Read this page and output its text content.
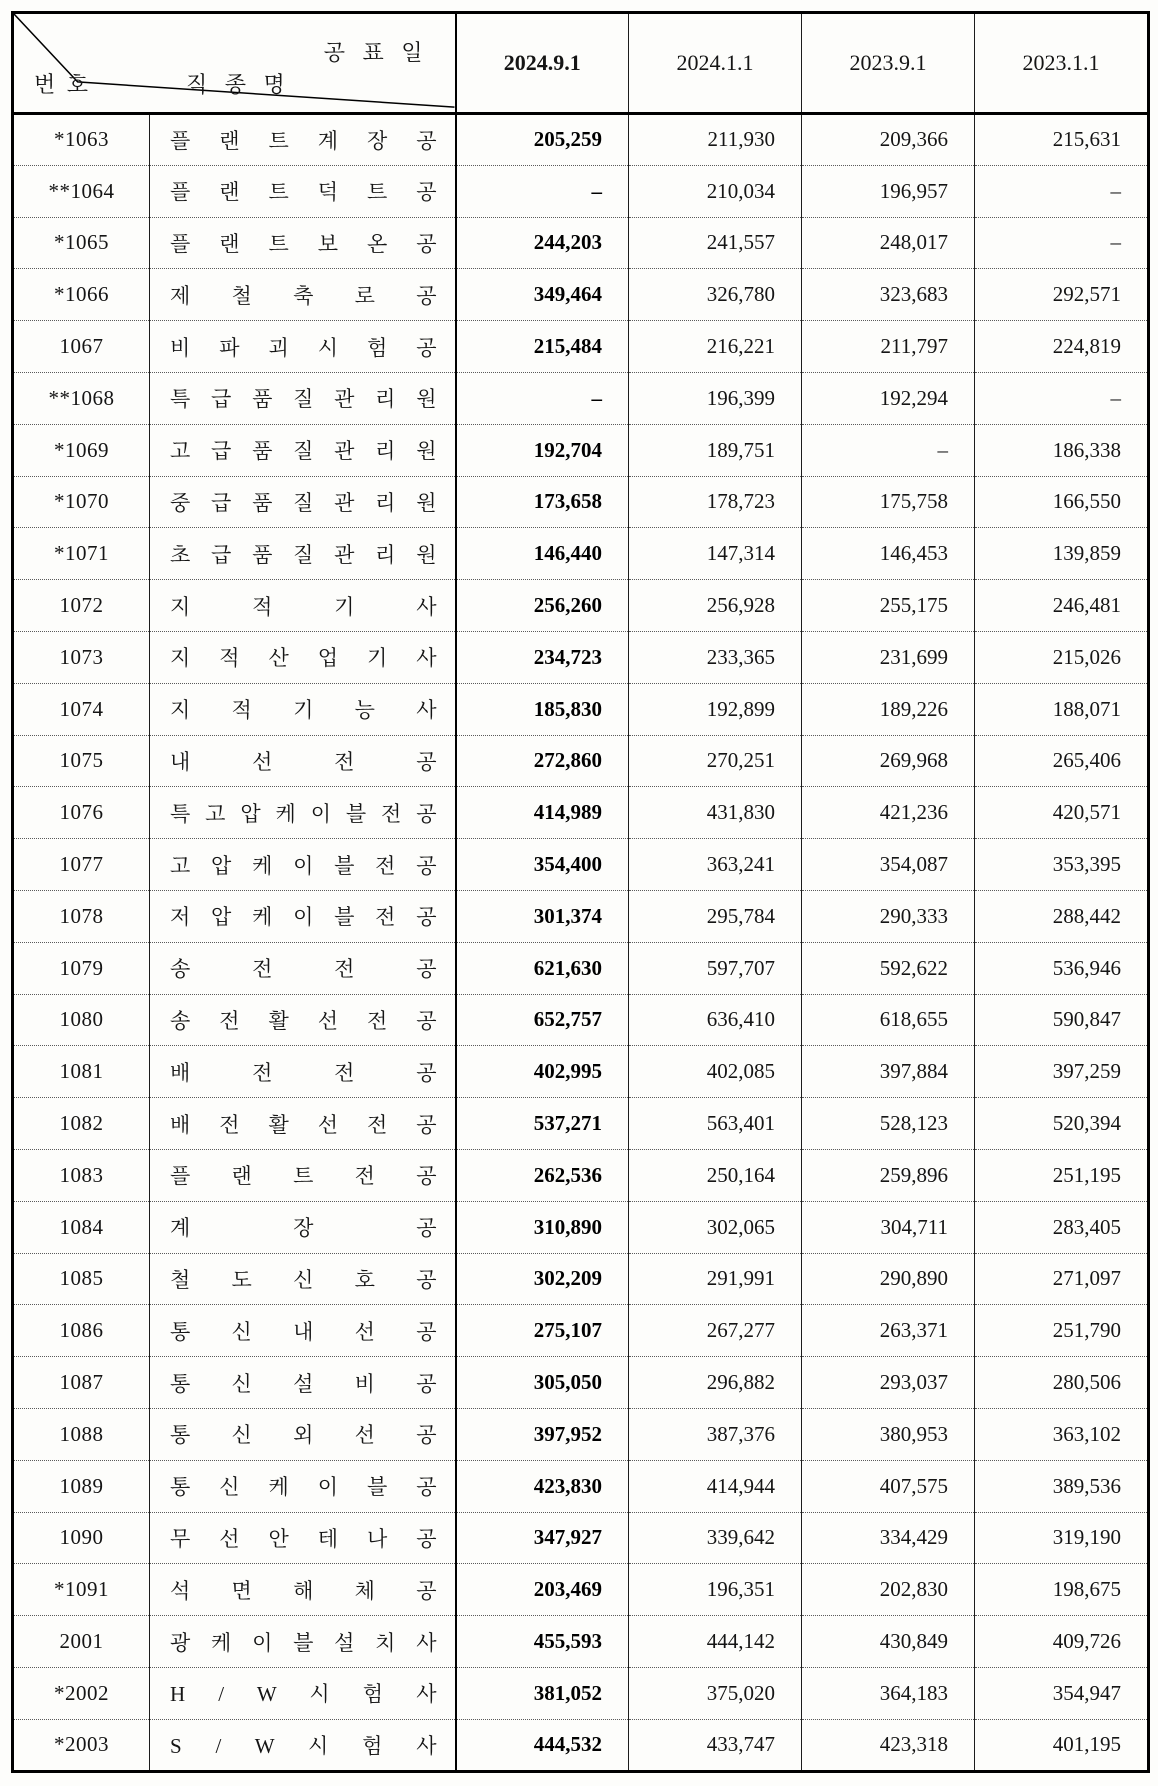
공 표 일
번 호 직 종 명		2024.9.1	2024.1.1	2023.9.1	2023.1.1
*1063	플 랜 트 계 장 공	205,259	211,930	209,366	215,631
**1064	플 랜 트 덕 트 공	–	210,034	196,957	–
*1065	플 랜 트 보 온 공	244,203	241,557	248,017	–
*1066	제 철 축 로 공	349,464	326,780	323,683	292,571
1067	비 파 괴 시 험 공	215,484	216,221	211,797	224,819
**1068	특 급 품 질 관 리 원	–	196,399	192,294	–
*1069	고 급 품 질 관 리 원	192,704	189,751	–	186,338
*1070	중 급 품 질 관 리 원	173,658	178,723	175,758	166,550
*1071	초 급 품 질 관 리 원	146,440	147,314	146,453	139,859
1072	지 적 기 사	256,260	256,928	255,175	246,481
1073	지 적 산 업 기 사	234,723	233,365	231,699	215,026
1074	지 적 기 능 사	185,830	192,899	189,226	188,071
1075	내 선 전 공	272,860	270,251	269,968	265,406
1076	특 고 압 케 이 블 전 공	414,989	431,830	421,236	420,571
1077	고 압 케 이 블 전 공	354,400	363,241	354,087	353,395
1078	저 압 케 이 블 전 공	301,374	295,784	290,333	288,442
1079	송 전 전 공	621,630	597,707	592,622	536,946
1080	송 전 활 선 전 공	652,757	636,410	618,655	590,847
1081	배 전 전 공	402,995	402,085	397,884	397,259
1082	배 전 활 선 전 공	537,271	563,401	528,123	520,394
1083	플 랜 트 전 공	262,536	250,164	259,896	251,195
1084	계 장 공	310,890	302,065	304,711	283,405
1085	철 도 신 호 공	302,209	291,991	290,890	271,097
1086	통 신 내 선 공	275,107	267,277	263,371	251,790
1087	통 신 설 비 공	305,050	296,882	293,037	280,506
1088	통 신 외 선 공	397,952	387,376	380,953	363,102
1089	통 신 케 이 블 공	423,830	414,944	407,575	389,536
1090	무 선 안 테 나 공	347,927	339,642	334,429	319,190
*1091	석 면 해 체 공	203,469	196,351	202,830	198,675
2001	광 케 이 블 설 치 사	455,593	444,142	430,849	409,726
*2002	H / W 시 험 사	381,052	375,020	364,183	354,947
*2003	S / W 시 험 사	444,532	433,747	423,318	401,195
